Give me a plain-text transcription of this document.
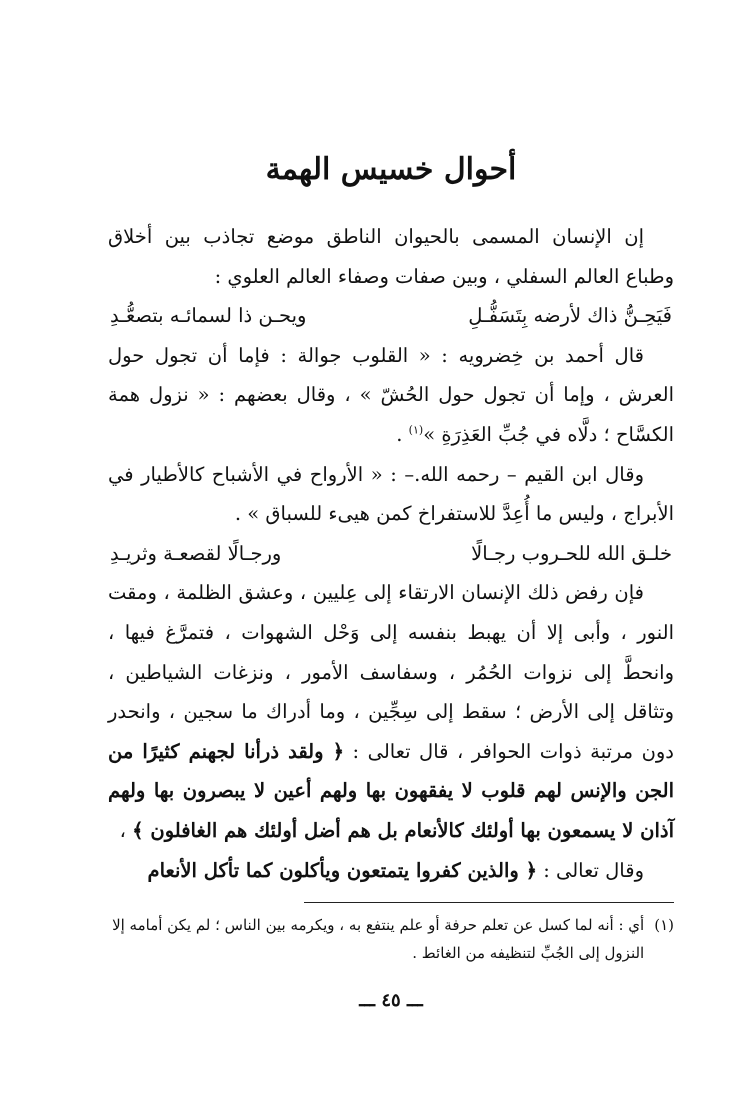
أحوال خسيس الهمة

إن الإنسان المسمى بالحيوان الناطق موضع تجاذب بين أخلاق وطباع العالم السفلي ، وبين صفات وصفاء العالم العلوي :

فَيَحِـنُّ ذاك لأرضه بِتَسَفُّـلِ
ويحـن ذا لسمائـه بتصعُّـدِ

قال أحمد بن خِضرويه : « القلوب جوالة : فإما أن تجول حول العرش ، وإما أن تجول حول الحُشّ » ، وقال بعضهم : « نزول همة الكسَّاح ؛ دلَّاه في جُبِّ العَذِرَةِ »$^{(١)}$ .

وقال ابن القيم – رحمه الله.– : « الأرواح في الأشباح كالأطيار في الأبراج ، وليس ما أُعِدَّ للاستفراخ كمن هيىء للسباق » .

خلـق الله للحـروب رجـالًا
ورجـالًا لقصعـة وثريـدِ

فإن رفض ذلك الإنسان الارتقاء إلى عِليين ، وعشق الظلمة ، ومقت النور ، وأبى إلا أن يهبط بنفسه إلى وَحْل الشهوات ، فتمرَّغ فيها ، وانحطَّ إلى نزوات الحُمُر ، وسفاسف الأمور ، ونزغات الشياطين ، وتثاقل إلى الأرض ؛ سقط إلى سِجِّين ، وما أدراك ما سجين ، وانحدر دون مرتبة ذوات الحوافر ، قال تعالى : ﴿ ولقد ذرأنا لجهنم كثيرًا من الجن والإنس لهم قلوب لا يفقهون بها ولهم أعين لا يبصرون بها ولهم آذان لا يسمعون بها أولئك كالأنعام بل هم أضل أولئك هم الغافلون ﴾ ،

وقال تعالى : ﴿ والذين كفروا يتمتعون ويأكلون كما تأكل الأنعام

(١)
أي : أنه لما كسل عن تعلم حرفة أو علم ينتفع به ، ويكرمه بين الناس ؛ لم يكن أمامه إلا النزول إلى الجُبِّ لتنظيفه من الغائط .

ـــ ٤٥ ـــ
